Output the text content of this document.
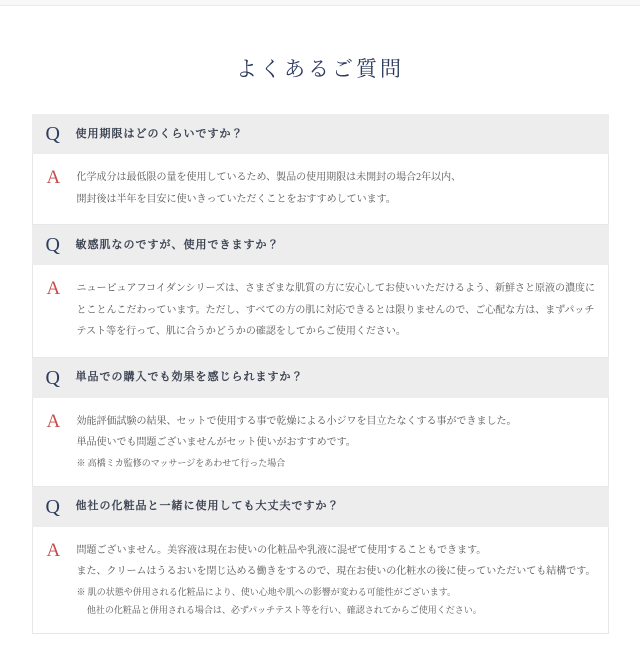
よくあるご質問
Q	使用期限はどのくらいですか？
A	化学成分は最低限の量を使用しているため、製品の使用期限は未開封の場合2年以内、

開封後は半年を目安に使いきっていただくことをおすすめしています。

Q	敏感肌なのですが、使用できますか？
A	ニューピュアフコイダンシリーズは、さまざまな肌質の方に安心してお使いいただけるよう、新鮮さと原液の濃度にとことんこだわっています。ただし、すべての方の肌に対応できるとは限りませんので、ご心配な方は、まずパッチテスト等を行って、肌に合うかどうかの確認をしてからご使用ください。

Q	単品での購入でも効果を感じられますか？
A	効能評価試験の結果、セットで使用する事で乾燥による小ジワを目立たなくする事ができました。

単品使いでも問題ございませんがセット使いがおすすめです。

※ 高橋ミカ監修のマッサージをあわせて行った場合

Q	他社の化粧品と一緒に使用しても大丈夫ですか？
A	問題ございません。美容液は現在お使いの化粧品や乳液に混ぜて使用することもできます。

また、クリームはうるおいを閉じ込める働きをするので、現在お使いの化粧水の後に使っていただいても結構です。

※ 肌の状態や併用される化粧品により、使い心地や肌への影響が変わる可能性がございます。

他社の化粧品と併用される場合は、必ずパッチテスト等を行い、確認されてからご使用ください。
